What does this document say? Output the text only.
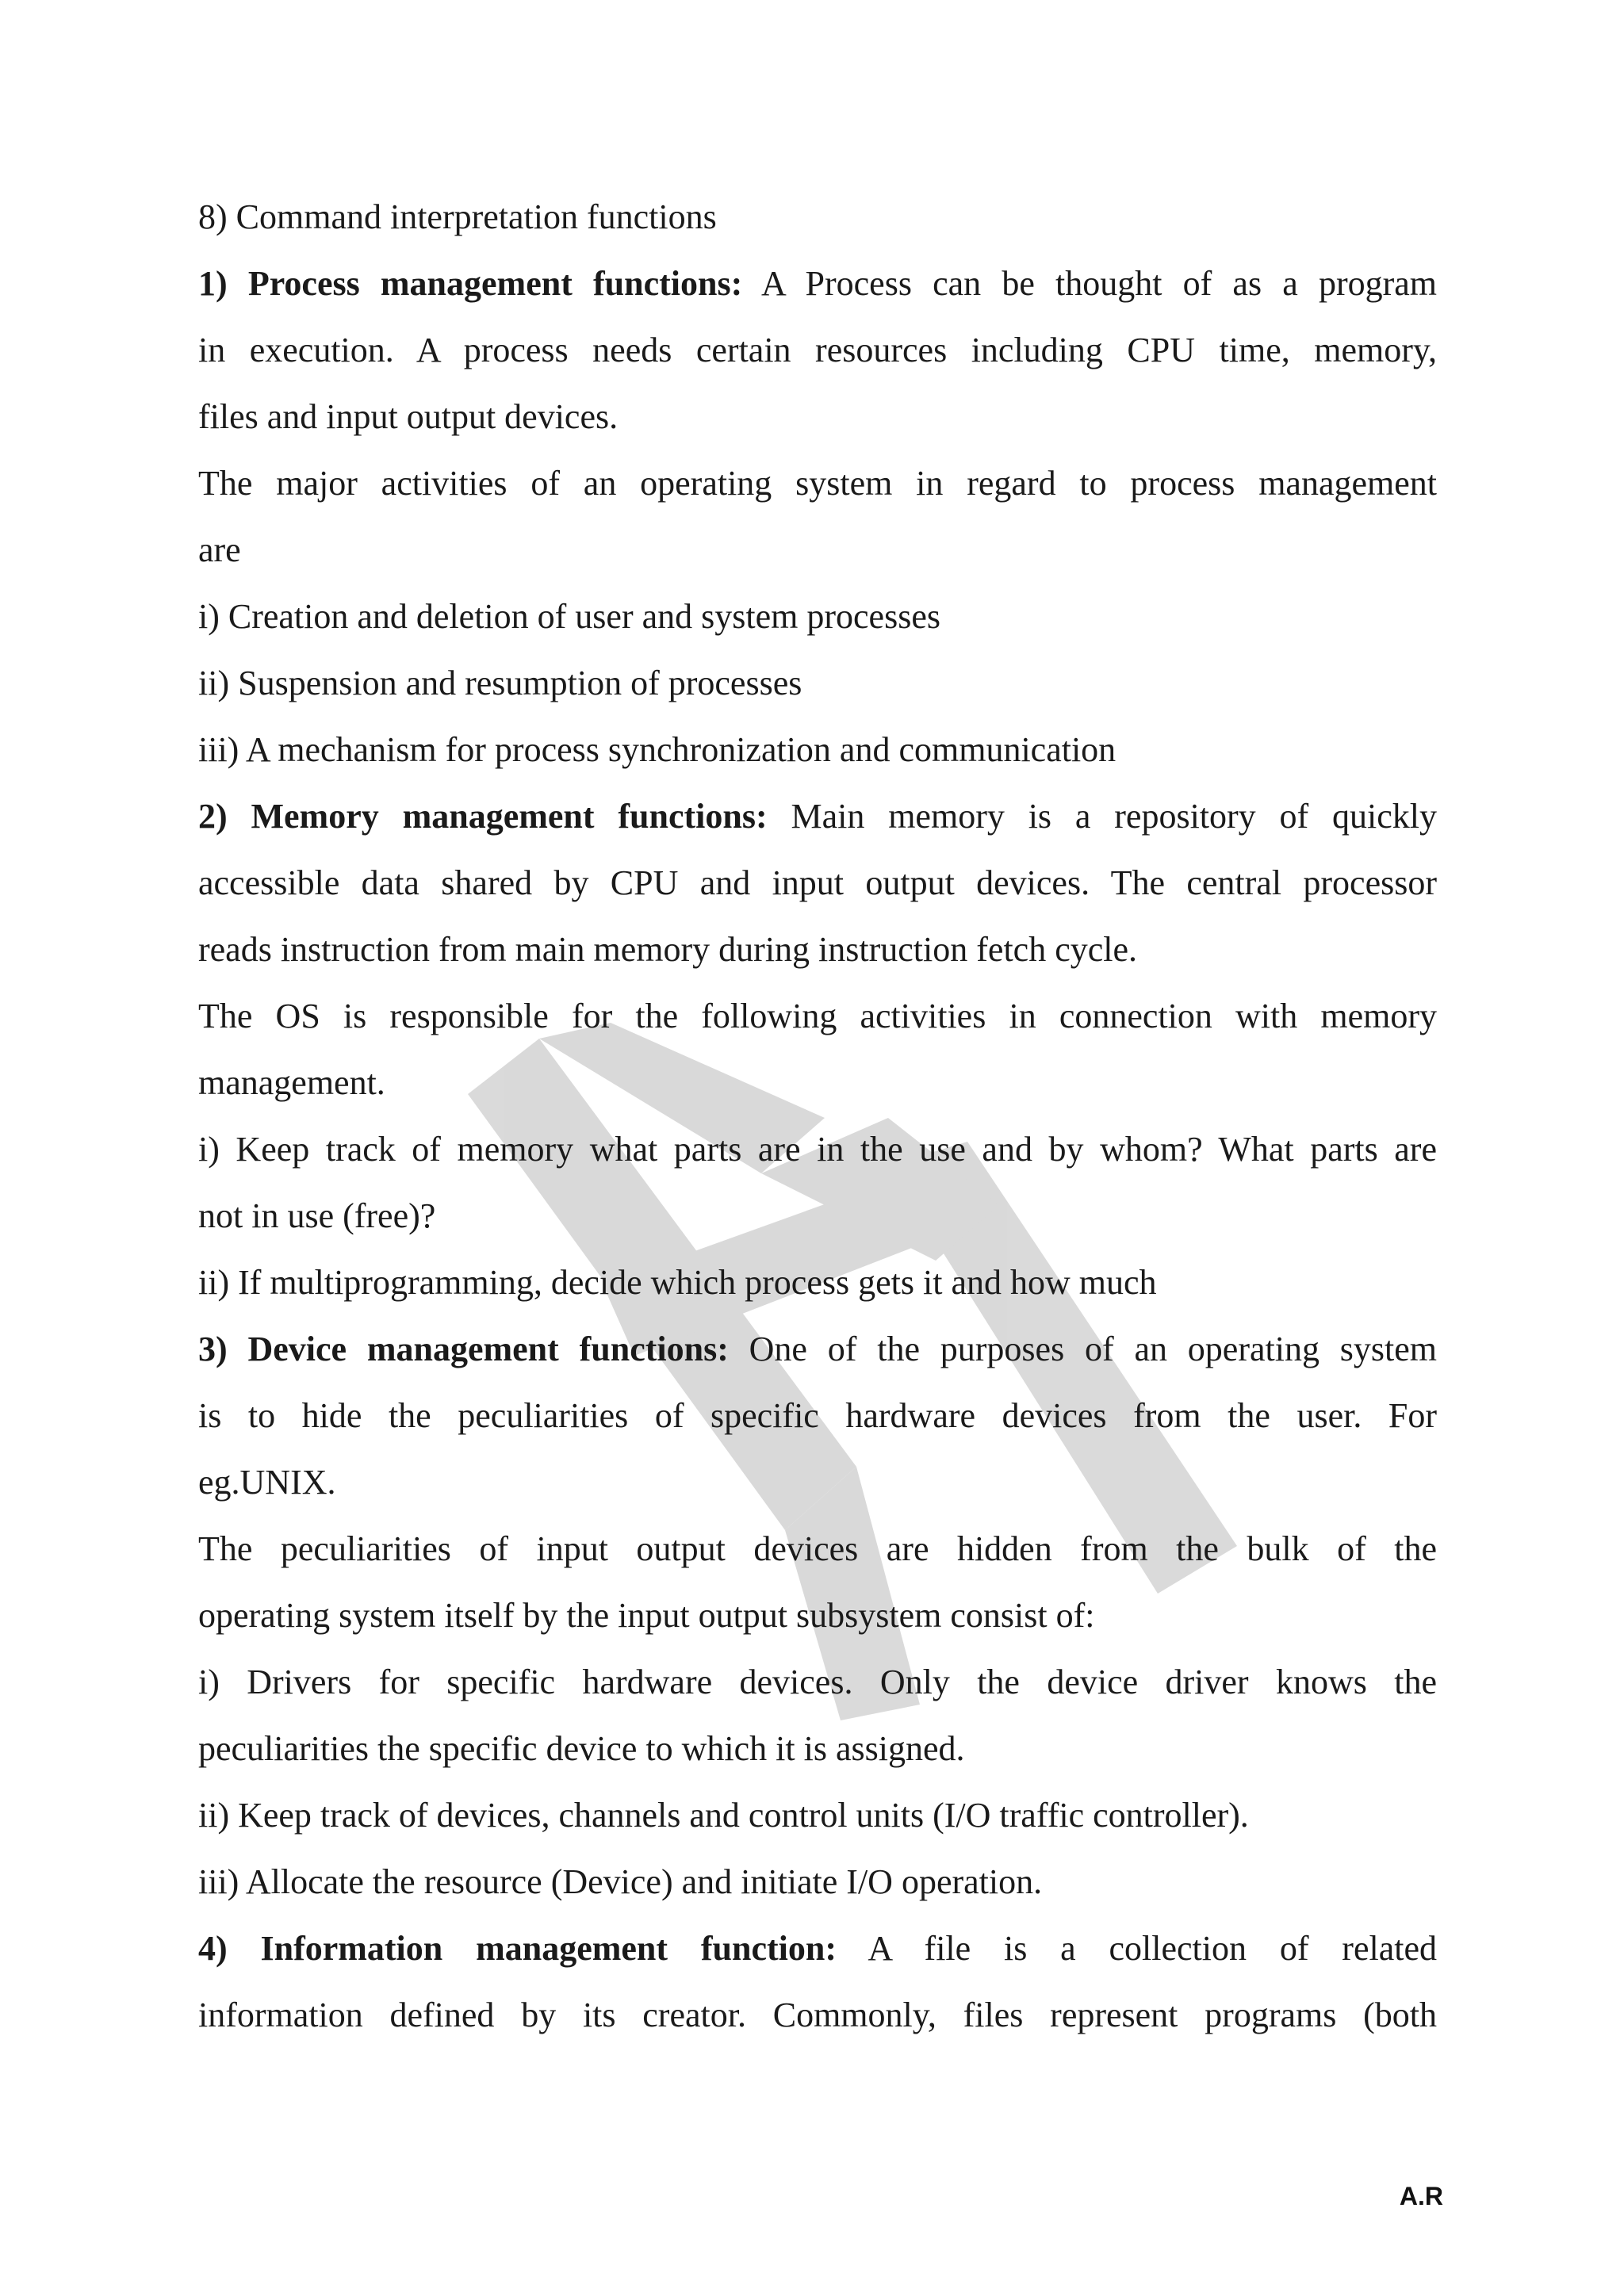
8) Command interpretation functions
1) Process management functions: A Process can be thought of as a program
in execution. A process needs certain resources including CPU time, memory,
files and input output devices.
The major activities of an operating system in regard to process management
are
i) Creation and deletion of user and system processes
ii) Suspension and resumption of processes
iii) A mechanism for process synchronization and communication
2) Memory management functions: Main memory is a repository of quickly
accessible data shared by CPU and input output devices. The central processor
reads instruction from main memory during instruction fetch cycle.
The OS is responsible for the following activities in connection with memory
management.
i) Keep track of memory what parts are in the use and by whom? What parts are
not in use (free)?
ii) If multiprogramming, decide which process gets it and how much
3) Device management functions: One of the purposes of an operating system
is to hide the peculiarities of specific hardware devices from the user. For
eg.UNIX.
The peculiarities of input output devices are hidden from the bulk of the
operating system itself by the input output subsystem consist of:
i) Drivers for specific hardware devices. Only the device driver knows the
peculiarities the specific device to which it is assigned.
ii) Keep track of devices, channels and control units (I/O traffic controller).
iii) Allocate the resource (Device) and initiate I/O operation.
4) Information management function: A file is a collection of related
information defined by its creator. Commonly, files represent programs (both
A.R
